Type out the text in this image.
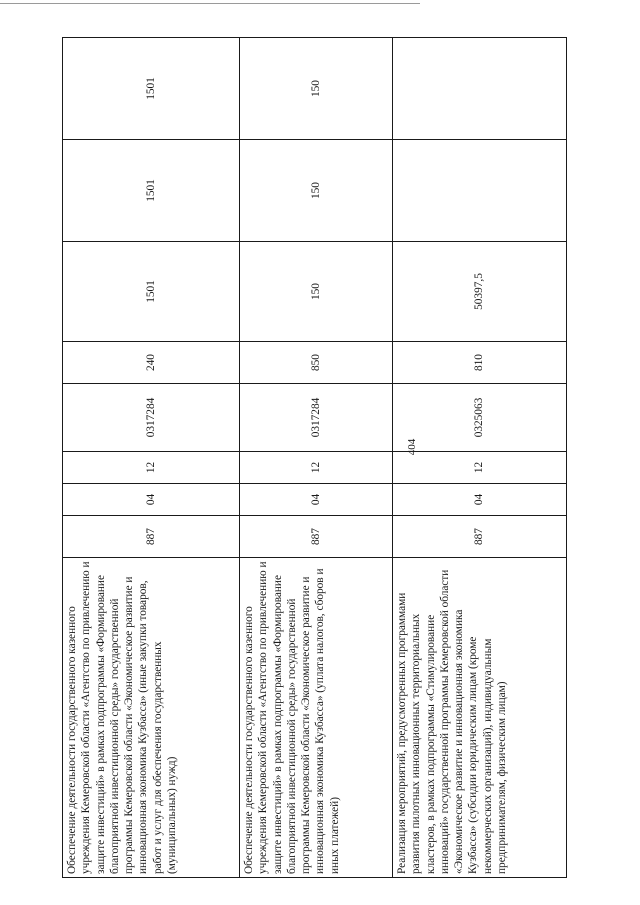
404
Обеспечение деятельности государственного казенного учреждения Кемеровской области «Агентство по привлечению и защите инвестиций» в рамках подпрограммы «Формирование благоприятной инвестиционной среды» государственной программы Кемеровской области «Экономическое развитие и инновационная экономика Кузбасса» (иные закупки товаров, работ и услуг для обеспечения государственных (муниципальных) нужд)	887	04	12	0317284	240	1501	1501	1501
Обеспечение деятельности государственного казенного учреждения Кемеровской области «Агентство по привлечению и защите инвестиций» в рамках подпрограммы «Формирование благоприятной инвестиционной среды» государственной программы Кемеровской области «Экономическое развитие и инновационная экономика Кузбасса» (уплата налогов, сборов и иных платежей)	887	04	12	0317284	850	150	150	150
Реализация мероприятий, предусмотренных программами развития пилотных инновационных территориальных кластеров, в рамках подпрограммы «Стимулирование инноваций» государственной программы Кемеровской области «Экономическое развитие и инновационная экономика Кузбасса» (субсидии юридическим лицам (кроме некоммерческих организаций), индивидуальным предпринимателям, физическим лицам)	887	04	12	0325063	810	50397,5		
